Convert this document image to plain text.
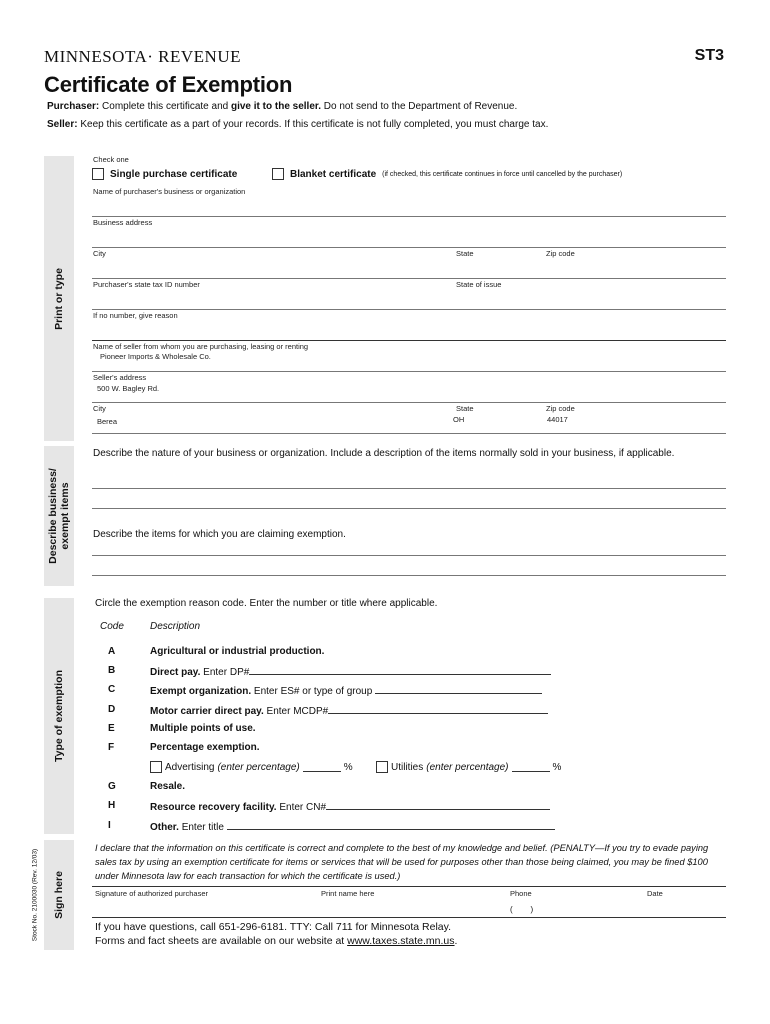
MINNESOTA· REVENUE	ST3
Certificate of Exemption
Purchaser: Complete this certificate and give it to the seller. Do not send to the Department of Revenue.
Seller: Keep this certificate as a part of your records. If this certificate is not fully completed, you must charge tax.
Print or type
Describe business/
exempt items
Type of exemption
Sign here
Stock No. 2100030 (Rev. 12/03)
Check one
Single purchase certificate	Blanket certificate (if checked, this certificate continues in force until cancelled by the purchaser)
Name of purchaser's business or organization
Business address
City	State	Zip code
Purchaser's state tax ID number	State of issue
If no number, give reason
Name of seller from whom you are purchasing, leasing or renting
Pioneer Imports & Wholesale Co.
Seller's address
500 W. Bagley Rd.
City	State	Zip code
Berea	OH	44017
Describe the nature of your business or organization. Include a description of the items normally sold in your business, if applicable.
Describe the items for which you are claiming exemption.
Circle the exemption reason code. Enter the number or title where applicable.
Code	Description
A	Agricultural or industrial production.
B	Direct pay. Enter DP#
C	Exempt organization. Enter ES# or type of group
D	Motor carrier direct pay. Enter MCDP#
E	Multiple points of use.
F	Percentage exemption.
Advertising (enter percentage)	%	Utilities (enter percentage)	%
G	Resale.
H	Resource recovery facility. Enter CN#
I	Other. Enter title
I declare that the information on this certificate is correct and complete to the best of my knowledge and belief. (PENALTY—If you try to evade paying sales tax by using an exemption certificate for items or services that will be used for purposes other than those being claimed, you may be fined $100 under Minnesota law for each transaction for which the certificate is used.)
Signature of authorized purchaser	Print name here	Phone	Date
(        )
If you have questions, call 651-296-6181. TTY: Call 711 for Minnesota Relay.
Forms and fact sheets are available on our website at www.taxes.state.mn.us.
